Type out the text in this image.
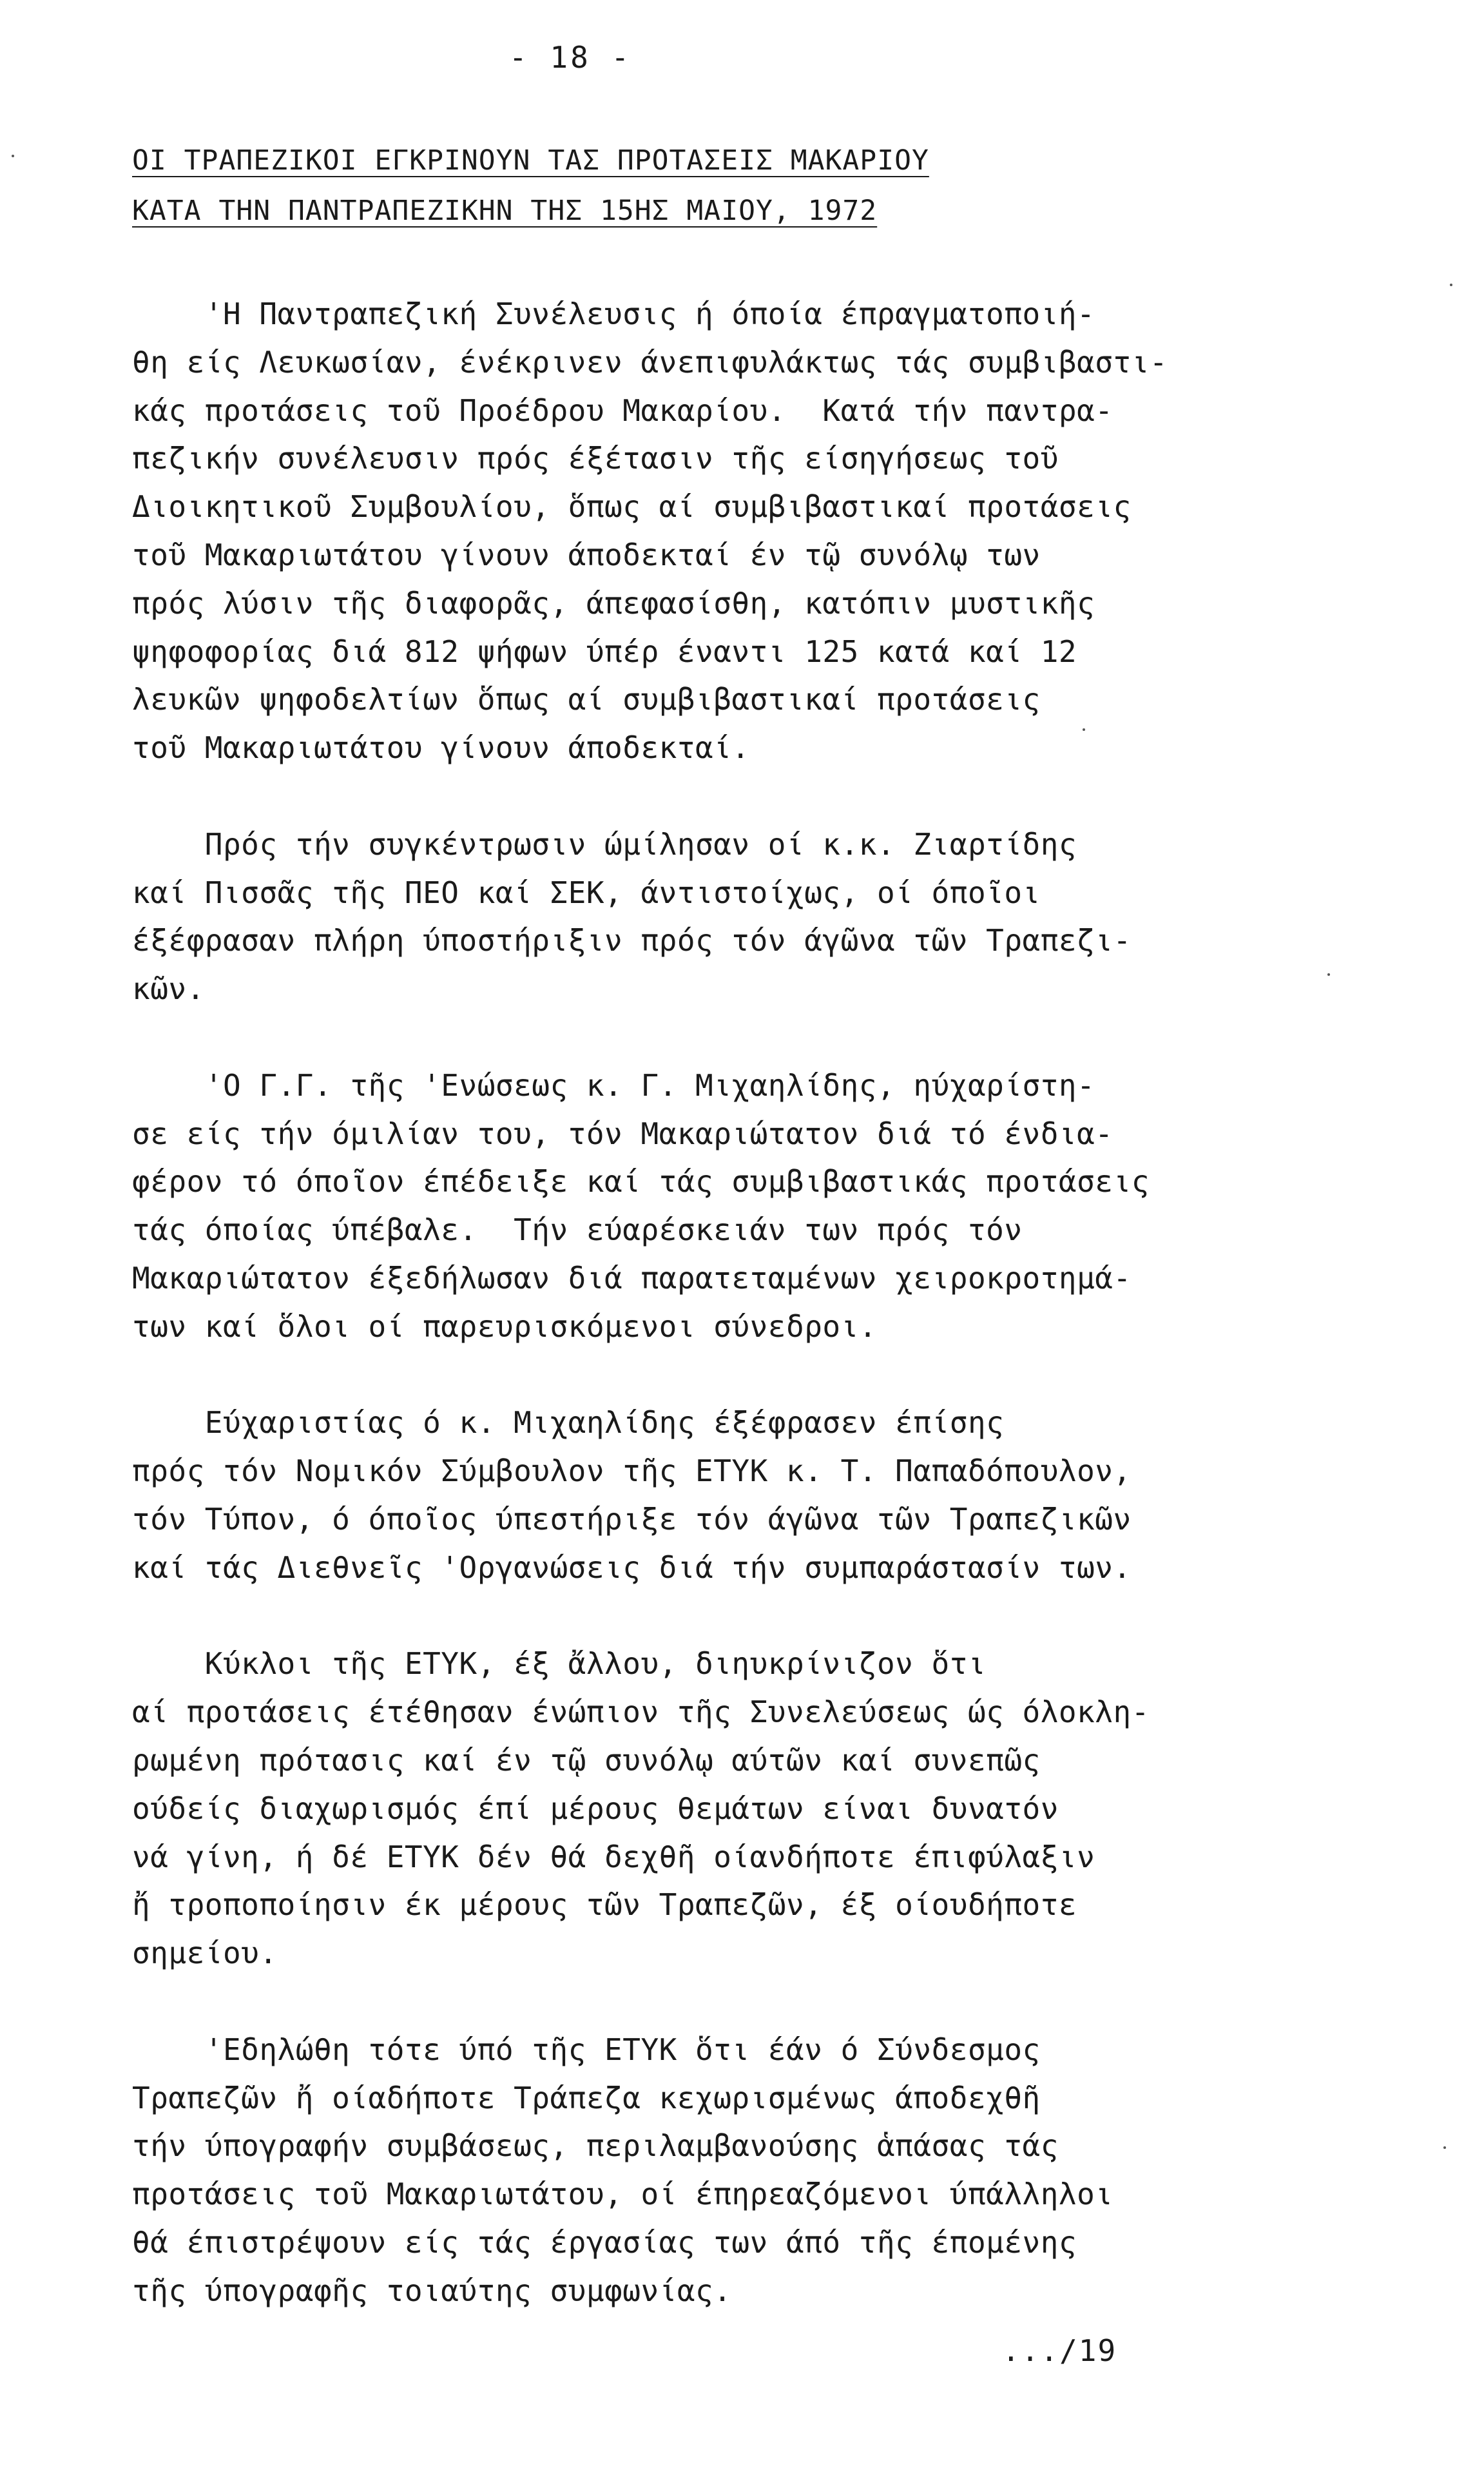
- 18 -
ΟΙ ΤΡΑΠΕΖΙΚΟΙ ΕΓΚΡΙΝΟΥΝ ΤΑΣ ΠΡΟΤΑΣΕΙΣ ΜΑΚΑΡΙΟΥ
ΚΑΤΑ ΤΗΝ ΠΑΝΤΡΑΠΕΖΙΚΗΝ ΤΗΣ 15ΗΣ ΜΑΙΟΥ, 1972
'Η Παντραπεζική Συνέλευσις ή όποία έπραγματοποιή-
θη είς Λευκωσίαν, ένέκρινεν άνεπιφυλάκτως τάς συμβιβαστι-
κάς προτάσεις τοῦ Προέδρου Μακαρίου.  Κατά τήν παντρα-
πεζικήν συνέλευσιν πρός έξέτασιν τῆς είσηγήσεως τοῦ
Διοικητικοῦ Συμβουλίου, ὅπως αί συμβιβαστικαί προτάσεις
τοῦ Μακαριωτάτου γίνουν άποδεκταί έν τῷ συνόλῳ των
πρός λύσιν τῆς διαφορᾶς, άπεφασίσθη, κατόπιν μυστικῆς
ψηφοφορίας διά 812 ψήφων ύπέρ έναντι 125 κατά καί 12
λευκῶν ψηφοδελτίων ὅπως αί συμβιβαστικαί προτάσεις
τοῦ Μακαριωτάτου γίνουν άποδεκταί.
Πρός τήν συγκέντρωσιν ώμίλησαν οί κ.κ. Ζιαρτίδης
καί Πισσᾶς τῆς ΠΕΟ καί ΣΕΚ, άντιστοίχως, οί όποῖοι
έξέφρασαν πλήρη ύποστήριξιν πρός τόν άγῶνα τῶν Τραπεζι-
κῶν.
'Ο Γ.Γ. τῆς 'Ενώσεως κ. Γ. Μιχαηλίδης, ηύχαρίστη-
σε είς τήν όμιλίαν του, τόν Μακαριώτατον διά τό ένδια-
φέρον τό όποῖον έπέδειξε καί τάς συμβιβαστικάς προτάσεις
τάς όποίας ύπέβαλε.  Τήν εύαρέσκειάν των πρός τόν
Μακαριώτατον έξεδήλωσαν διά παρατεταμένων χειροκροτημά-
των καί ὅλοι οί παρευρισκόμενοι σύνεδροι.
Εύχαριστίας ό κ. Μιχαηλίδης έξέφρασεν έπίσης
πρός τόν Νομικόν Σύμβουλον τῆς ΕΤΥΚ κ. Τ. Παπαδόπουλον,
τόν Τύπον, ό όποῖος ύπεστήριξε τόν άγῶνα τῶν Τραπεζικῶν
καί τάς Διεθνεῖς 'Οργανώσεις διά τήν συμπαράστασίν των.
Κύκλοι τῆς ΕΤΥΚ, έξ ἄλλου, διηυκρίνιζον ὅτι
αί προτάσεις έτέθησαν ένώπιον τῆς Συνελεύσεως ώς όλοκλη-
ρωμένη πρότασις καί έν τῷ συνόλῳ αύτῶν καί συνεπῶς
ούδείς διαχωρισμός έπί μέρους θεμάτων είναι δυνατόν
νά γίνη, ή δέ ΕΤΥΚ δέν θά δεχθῆ οίανδήποτε έπιφύλαξιν
ἤ τροποποίησιν έκ μέρους τῶν Τραπεζῶν, έξ οίουδήποτε
σημείου.
'Εδηλώθη τότε ύπό τῆς ΕΤΥΚ ὅτι έάν ό Σύνδεσμος
Τραπεζῶν ἤ οίαδήποτε Τράπεζα κεχωρισμένως άποδεχθῆ
τήν ύπογραφήν συμβάσεως, περιλαμβανούσης ἁπάσας τάς
προτάσεις τοῦ Μακαριωτάτου, οί έπηρεαζόμενοι ύπάλληλοι
θά έπιστρέψουν είς τάς έργασίας των άπό τῆς έπομένης
τῆς ύπογραφῆς τοιαύτης συμφωνίας.
.../19
